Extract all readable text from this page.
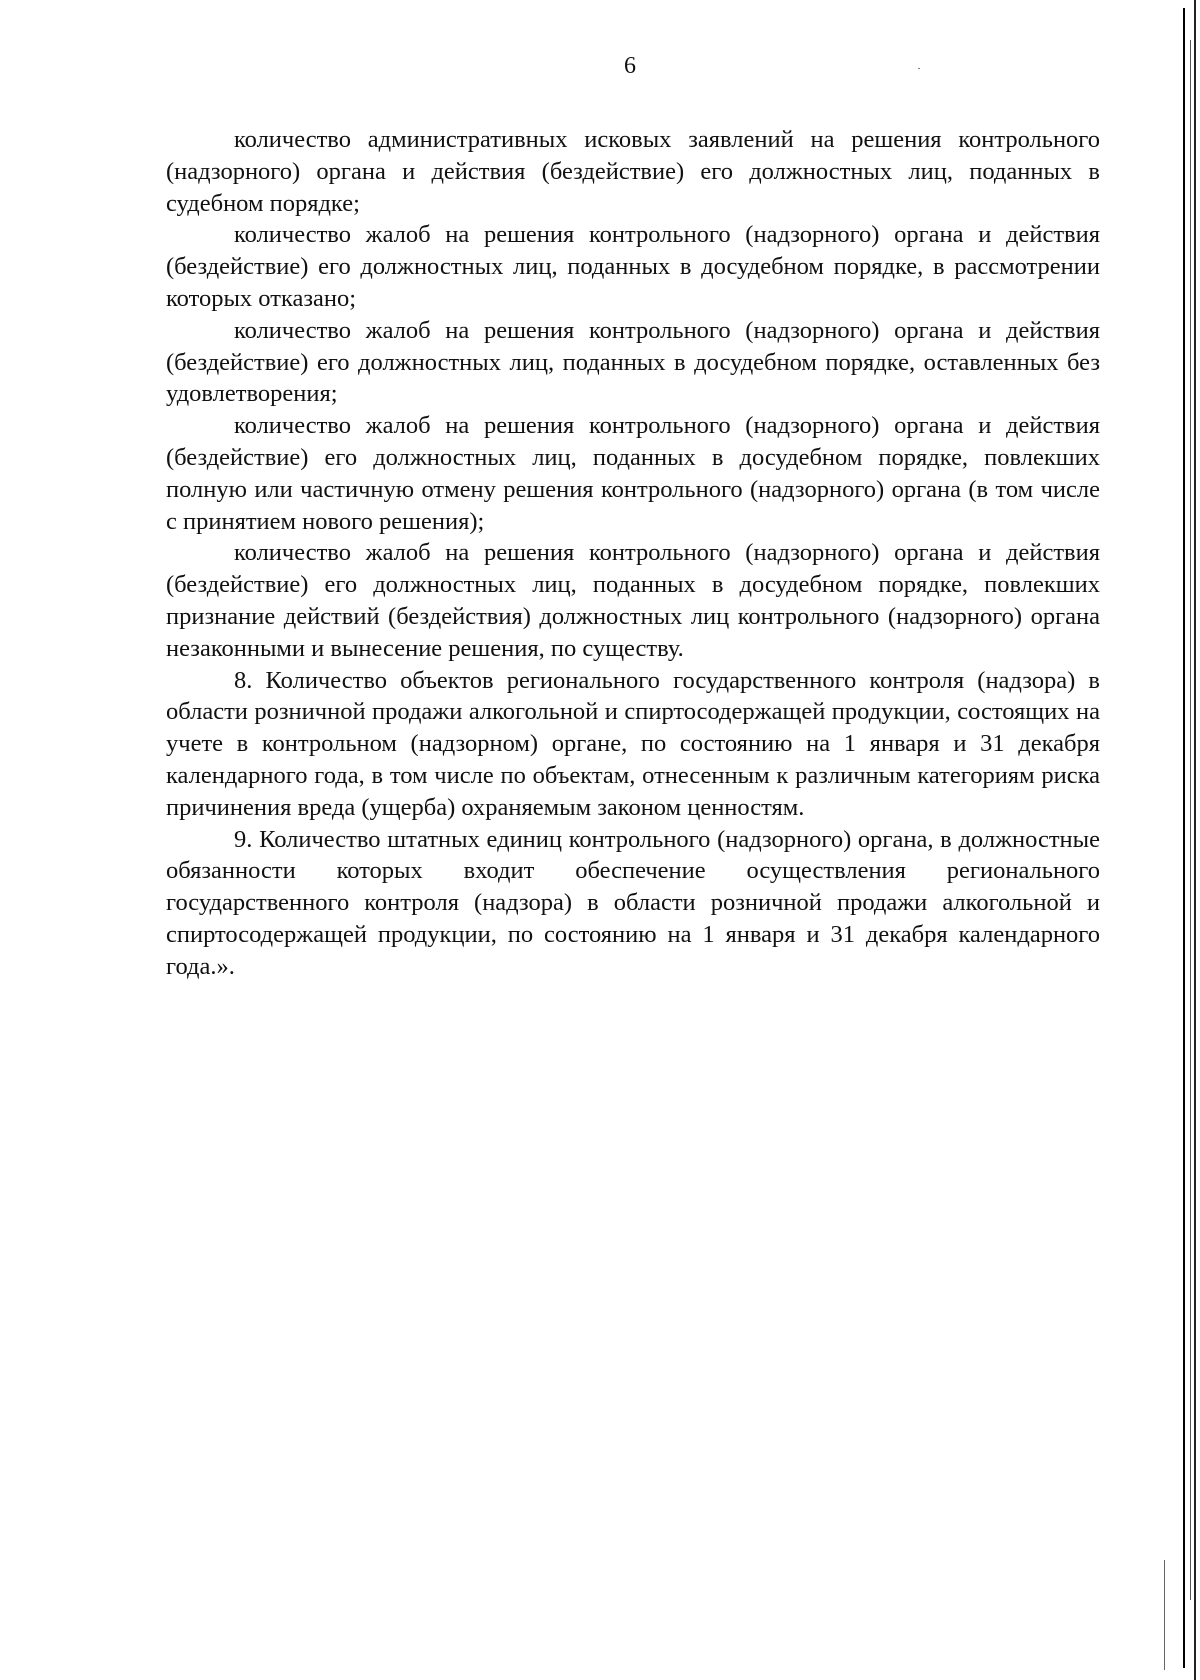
6

количество административных исковых заявлений на решения контрольного (надзорного) органа и действия (бездействие) его должностных лиц, поданных в судебном порядке;

количество жалоб на решения контрольного (надзорного) органа и действия (бездействие) его должностных лиц, поданных в досудебном порядке, в рассмотрении которых отказано;

количество жалоб на решения контрольного (надзорного) органа и действия (бездействие) его должностных лиц, поданных в досудебном порядке, оставленных без удовлетворения;

количество жалоб на решения контрольного (надзорного) органа и действия (бездействие) его должностных лиц, поданных в досудебном порядке, повлекших полную или частичную отмену решения контрольного (надзорного) органа (в том числе с принятием нового решения);

количество жалоб на решения контрольного (надзорного) органа и действия (бездействие) его должностных лиц, поданных в досудебном порядке, повлекших признание действий (бездействия) должностных лиц контрольного (надзорного) органа незаконными и вынесение решения, по существу.

8. Количество объектов регионального государственного контроля (надзора) в области розничной продажи алкогольной и спиртосодержащей продукции, состоящих на учете в контрольном (надзорном) органе, по состоянию на 1 января и 31 декабря календарного года, в том числе по объектам, отнесенным к различным категориям риска причинения вреда (ущерба) охраняемым законом ценностям.

9. Количество штатных единиц контрольного (надзорного) органа, в должностные обязанности которых входит обеспечение осуществления регионального государственного контроля (надзора) в области розничной продажи алкогольной и спиртосодержащей продукции, по состоянию на 1 января и 31 декабря календарного года.».
